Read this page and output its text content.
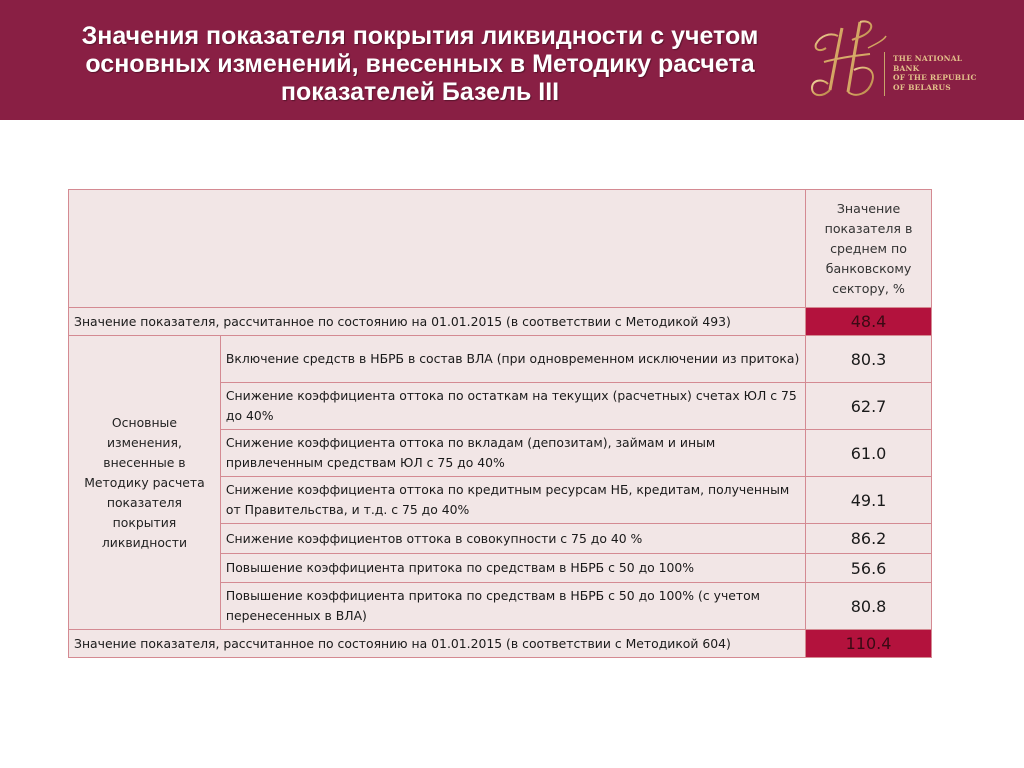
Значения показателя покрытия ликвидности с учетом
основных изменений, внесенных в Методику расчета
показателей Базель III
THE NATIONAL
BANK
OF THE REPUBLIC
OF BELARUS
		Значение показателя в среднем по банковскому сектору, %
Значение показателя, рассчитанное по состоянию на 01.01.2015 (в соответствии с Методикой 493)		48.4
Основные изменения, внесенные в Методику расчета показателя покрытия ликвидности	Включение средств в НБРБ в состав ВЛА (при одновременном исключении из притока)	80.3
	Снижение коэффициента оттока по остаткам на текущих (расчетных) счетах ЮЛ с 75 до 40%	62.7
	Снижение коэффициента оттока по вкладам (депозитам), займам и иным привлеченным средствам ЮЛ с 75 до 40%	61.0
	Снижение коэффициента оттока по кредитным ресурсам НБ, кредитам, полученным от Правительства, и т.д. с 75 до 40%	49.1
	Снижение коэффициентов оттока в совокупности с 75 до 40 %	86.2
	Повышение коэффициента притока по средствам в НБРБ с 50 до 100%	56.6
	Повышение коэффициента притока по средствам в НБРБ с 50 до 100% (с учетом перенесенных в ВЛА)	80.8
Значение показателя, рассчитанное по состоянию на 01.01.2015 (в соответствии с Методикой 604)		110.4
